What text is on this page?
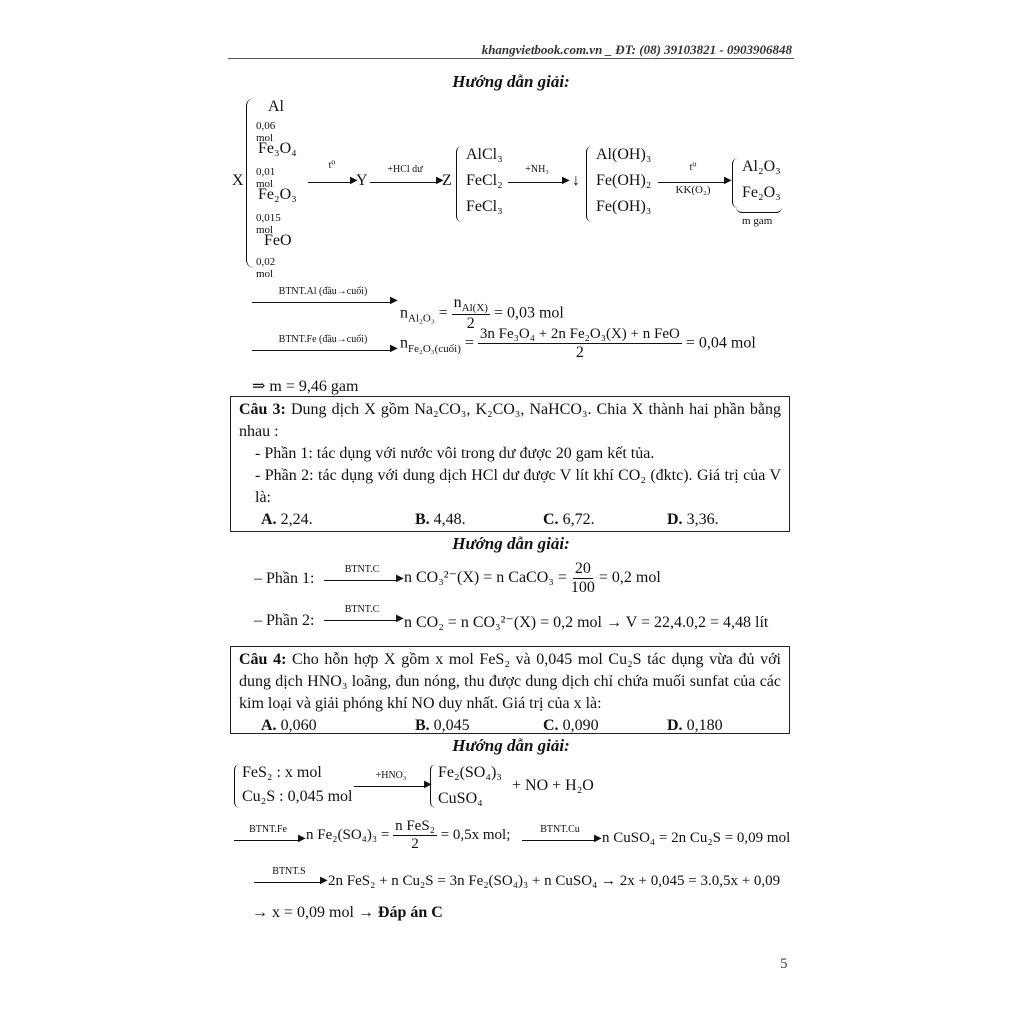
khangvietbook.com.vn _ ĐT: (08) 39103821 - 0903906848
Hướng dẫn giải:
X
Al
0,06 mol
Fe₃O₄
0,01 mol
Fe₂O₃
0,015 mol
FeO
0,02 mol
t⁰
▶
Y
+HCl dư
▶
Z
AlCl₃
FeCl₂
FeCl₃
+NH₃
▶ ↓
Al(OH)₃
Fe(OH)₂
Fe(OH)₃
t⁰
▶
KK(O₂)
Al₂O₃
Fe₂O₃
m gam
BTNT.Al (đầu→cuối)
▶
$n_{Al_2O_3} = \frac{n_{Al(X)}}{2} = 0,03$ mol
BTNT.Fe (đầu→cuối)
▶ $n_{Fe_2O_3(cuối)} = \frac{\text{3n Fe₃O₄ + 2n Fe₂O₃(X) + n FeO}}{2} = 0,04$ mol
⇒ m = 9,46 gam

Câu 3: Dung dịch X gồm Na₂CO₃, K₂CO₃, NaHCO₃. Chia X thành hai phần bằng nhau :

- Phần 1: tác dụng với nước vôi trong dư được 20 gam kết tủa.

- Phần 2: tác dụng với dung dịch HCl dư được V lít khí CO₂ (đktc). Giá trị của V là:

A. 2,24.	B. 4,48.	C. 6,72.	D. 3,36.
Hướng dẫn giải:
– Phần 1:
BTNT.C
▶ n CO₃²⁻(X) = n CaCO₃ = $\frac{20}{100} = 0,2$ mol
– Phần 2:
BTNT.C
▶ n CO₂ = n CO₃²⁻(X) = 0,2 mol → V = 22,4.0,2 = 4,48 lít

Câu 4: Cho hỗn hợp X gồm x mol FeS₂ và 0,045 mol Cu₂S tác dụng vừa đủ với dung dịch HNO₃ loãng, đun nóng, thu được dung dịch chỉ chứa muối sunfat của các kim loại và giải phóng khí NO duy nhất. Giá trị của x là:

A. 0,060	B. 0,045	C. 0,090	D. 0,180
Hướng dẫn giải:
FeS₂ : x mol
Cu₂S : 0,045 mol
+HNO₃
▶
Fe₂(SO₄)₃
CuSO₄
+ NO + H₂O
BTNT.Fe
▶ n $Fe_2(SO_4)_3 = \frac{\text{n FeS₂}}{2} = 0,5x$ mol;	BTNT.Cu
▶ n CuSO₄ = 2n Cu₂S = 0,09 mol
BTNT.S
▶ 2n FeS₂ + n Cu₂S = 3n Fe₂(SO₄)₃ + n CuSO₄ → 2x + 0,045 = 3.0,5x + 0,09
→ x = 0,09 mol → Đáp án C
5
